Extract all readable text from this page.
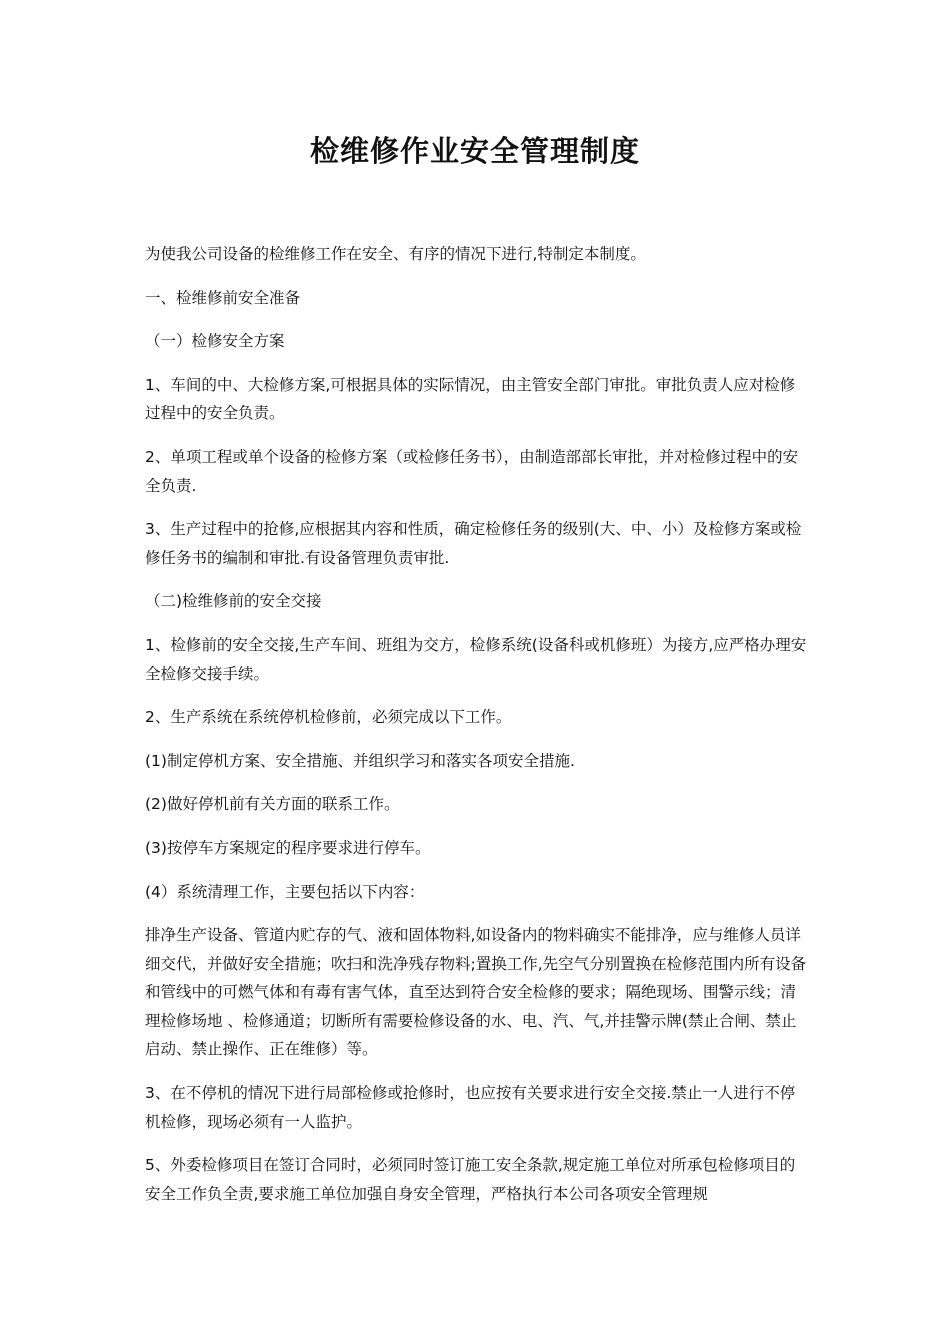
检维修作业安全管理制度

为使我公司设备的检维修工作在安全、有序的情况下进行,特制定本制度。

一、检维修前安全准备

（一）检修安全方案

1、车间的中、大检修方案,可根据具体的实际情况，由主管安全部门审批。审批负责人应对检修过程中的安全负责。

2、单项工程或单个设备的检修方案（或检修任务书），由制造部部长审批，并对检修过程中的安全负责.

3、生产过程中的抢修,应根据其内容和性质，确定检修任务的级别(大、中、小）及检修方案或检修任务书的编制和审批.有设备管理负责审批.

（二)检维修前的安全交接

1、检修前的安全交接,生产车间、班组为交方，检修系统(设备科或机修班）为接方,应严格办理安全检修交接手续。

2、生产系统在系统停机检修前，必须完成以下工作。

(1)制定停机方案、安全措施、并组织学习和落实各项安全措施.

(2)做好停机前有关方面的联系工作。

(3)按停车方案规定的程序要求进行停车。

(4）系统清理工作，主要包括以下内容：

排净生产设备、管道内贮存的气、液和固体物料,如设备内的物料确实不能排净，应与维修人员详细交代，并做好安全措施；吹扫和洗净残存物料;置换工作,先空气分别置换在检修范围内所有设备和管线中的可燃气体和有毒有害气体，直至达到符合安全检修的要求；隔绝现场、围警示线；清理检修场地 、检修通道；切断所有需要检修设备的水、电、汽、气,并挂警示牌(禁止合闸、禁止启动、禁止操作、正在维修）等。

3、在不停机的情况下进行局部检修或抢修时，也应按有关要求进行安全交接.禁止一人进行不停机检修，现场必须有一人监护。

5、外委检修项目在签订合同时，必须同时签订施工安全条款,规定施工单位对所承包检修项目的安全工作负全责,要求施工单位加强自身安全管理，严格执行本公司各项安全管理规
